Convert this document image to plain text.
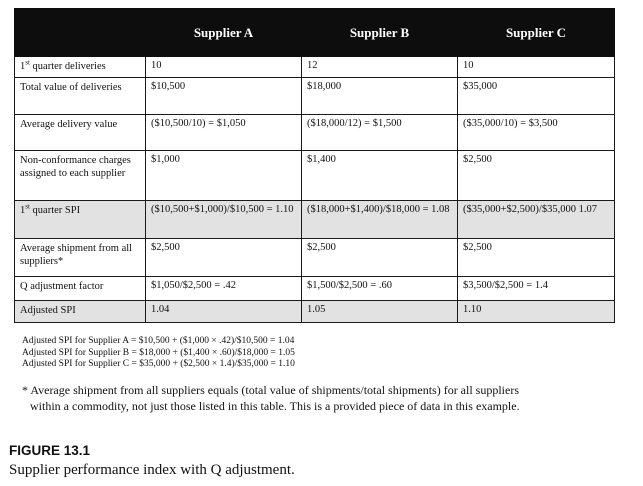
	Supplier A	Supplier B	Supplier C
1st quarter deliveries	10	12	10
Total value of deliveries	$10,500	$18,000	$35,000
Average delivery value	($10,500/10) = $1,050	($18,000/12) = $1,500	($35,000/10) = $3,500
Non-conformance charges assigned to each supplier	$1,000	$1,400	$2,500
1st quarter SPI	($10,500+$1,000)/$10,500 = 1.10	($18,000+$1,400)/$18,000 = 1.08	($35,000+$2,500)/$35,000 1.07
Average shipment from all suppliers*	$2,500	$2,500	$2,500
Q adjustment factor	$1,050/$2,500 = .42	$1,500/$2,500 = .60	$3,500/$2,500 = 1.4
Adjusted SPI	1.04	1.05	1.10
Adjusted SPI for Supplier A = $10,500 + ($1,000 × .42)/$10,500 = 1.04
Adjusted SPI for Supplier B = $18,000 + ($1,400 × .60)/$18,000 = 1.05
Adjusted SPI for Supplier C = $35,000 + ($2,500 × 1.4)/$35,000 = 1.10
* Average shipment from all suppliers equals (total value of shipments/total shipments) for all suppliers
within a commodity, not just those listed in this table. This is a provided piece of data in this example.
FIGURE 13.1
Supplier performance index with Q adjustment.
